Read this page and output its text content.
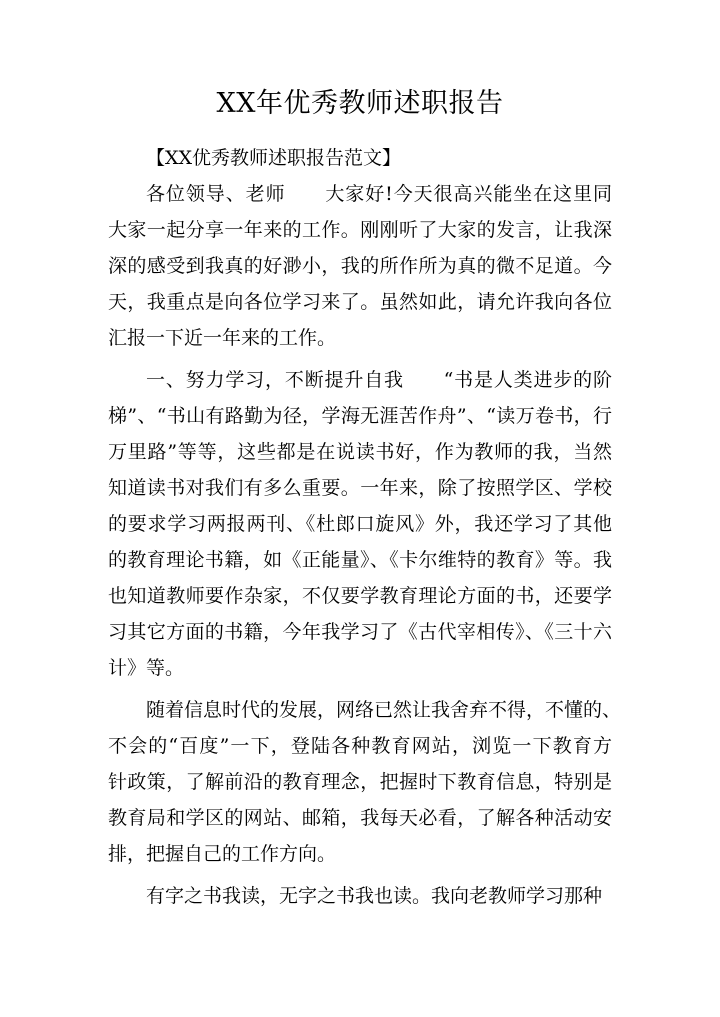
XX年优秀教师述职报告
【XX优秀教师述职报告范文】
各位领导、老师　　大家好!今天很高兴能坐在这里同
大家一起分享一年来的工作。刚刚听了大家的发言，让我深
深的感受到我真的好渺小，我的所作所为真的微不足道。今
天，我重点是向各位学习来了。虽然如此，请允许我向各位
汇报一下近一年来的工作。
一、努力学习，不断提升自我　　“书是人类进步的阶
梯”、“书山有路勤为径，学海无涯苦作舟”、“读万卷书，行
万里路”等等，这些都是在说读书好，作为教师的我，当然
知道读书对我们有多么重要。一年来，除了按照学区、学校
的要求学习两报两刊、《杜郎口旋风》外，我还学习了其他
的教育理论书籍，如《正能量》、《卡尔维特的教育》等。我
也知道教师要作杂家，不仅要学教育理论方面的书，还要学
习其它方面的书籍，今年我学习了《古代宰相传》、《三十六
计》等。
随着信息时代的发展，网络已然让我舍弃不得，不懂的、
不会的“百度”一下，登陆各种教育网站，浏览一下教育方
针政策，了解前沿的教育理念，把握时下教育信息，特别是
教育局和学区的网站、邮箱，我每天必看，了解各种活动安
排，把握自己的工作方向。
有字之书我读，无字之书我也读。我向老教师学习那种
